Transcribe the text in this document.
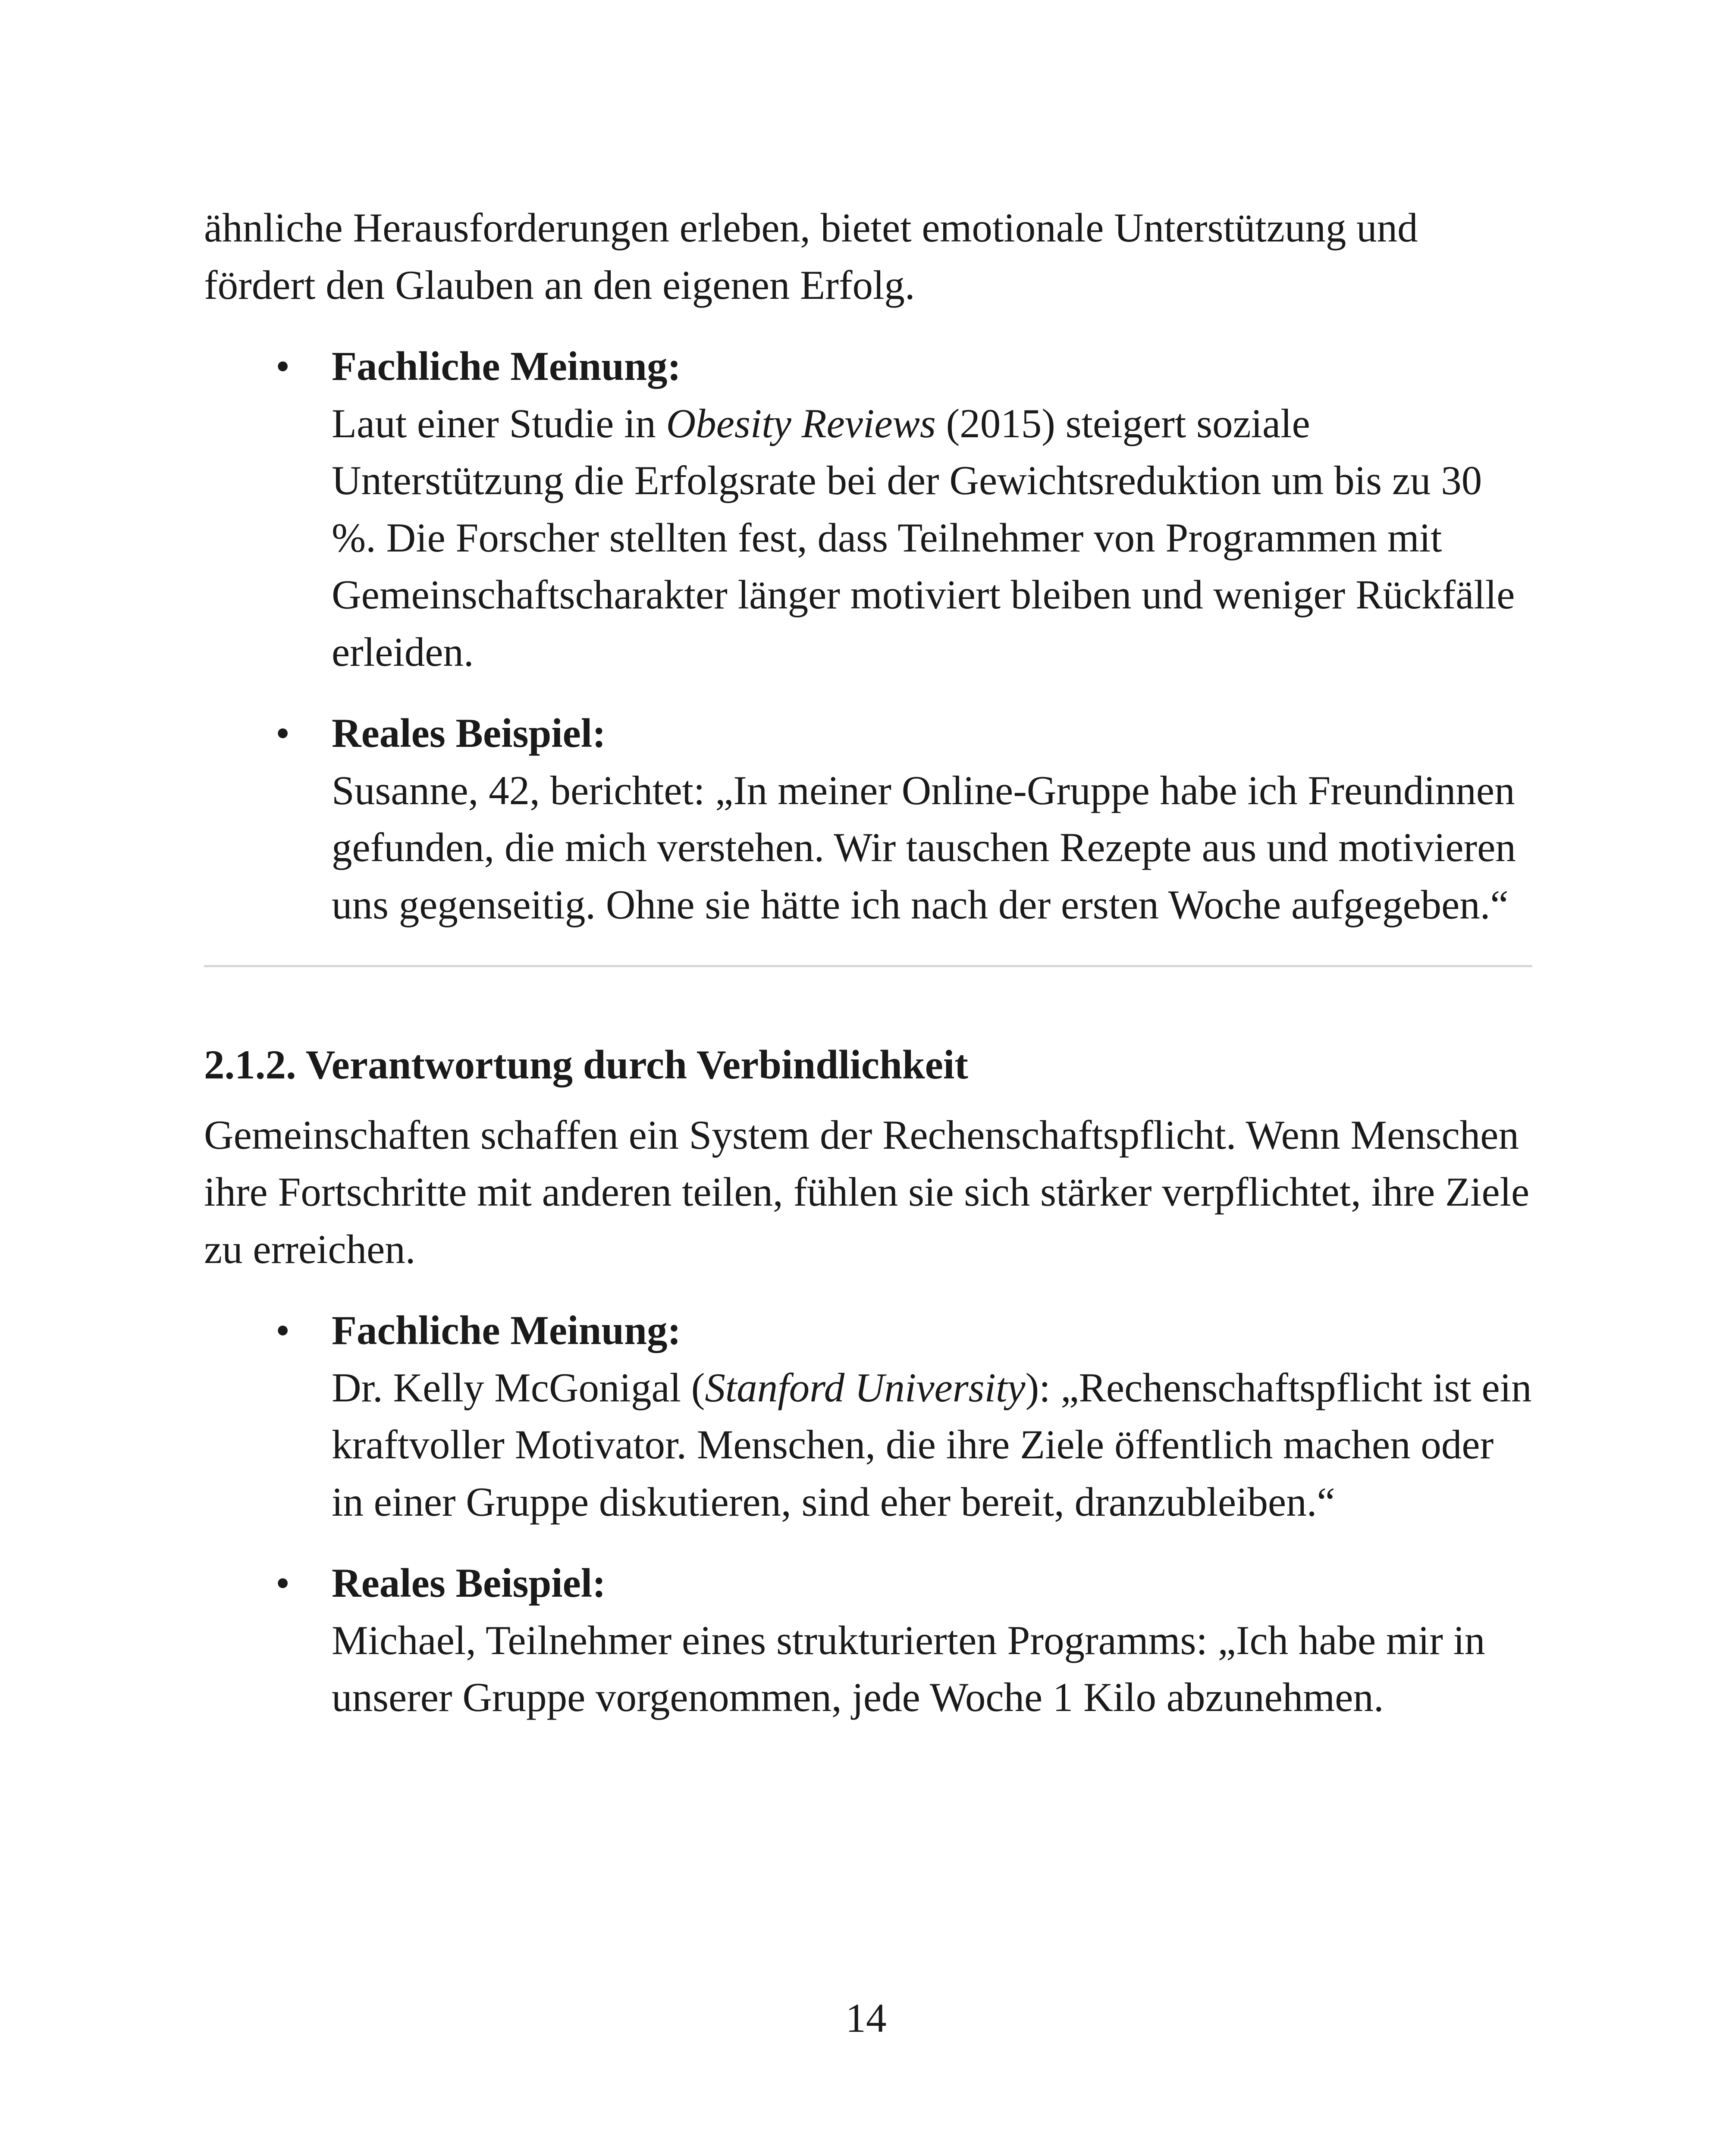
ähnliche Herausforderungen erleben, bietet emotionale Unterstützung und fördert den Glauben an den eigenen Erfolg.

• Fachliche Meinung:
Laut einer Studie in Obesity Reviews (2015) steigert soziale Unterstützung die Erfolgsrate bei der Gewichtsreduktion um bis zu 30 %. Die Forscher stellten fest, dass Teilnehmer von Programmen mit Gemeinschaftscharakter länger motiviert bleiben und weniger Rückfälle erleiden.
• Reales Beispiel:
Susanne, 42, berichtet: „In meiner Online-Gruppe habe ich Freundinnen gefunden, die mich verstehen. Wir tauschen Rezepte aus und motivieren uns gegenseitig. Ohne sie hätte ich nach der ersten Woche aufgegeben.“
2.1.2. Verantwortung durch Verbindlichkeit

Gemeinschaften schaffen ein System der Rechenschaftspflicht. Wenn Menschen ihre Fortschritte mit anderen teilen, fühlen sie sich stärker verpflichtet, ihre Ziele zu erreichen.

• Fachliche Meinung:
Dr. Kelly McGonigal (Stanford University): „Rechenschaftspflicht ist ein kraftvoller Motivator. Menschen, die ihre Ziele öffentlich machen oder in einer Gruppe diskutieren, sind eher bereit, dranzubleiben.“
• Reales Beispiel:
Michael, Teilnehmer eines strukturierten Programms: „Ich habe mir in unserer Gruppe vorgenommen, jede Woche 1 Kilo abzunehmen.
14
